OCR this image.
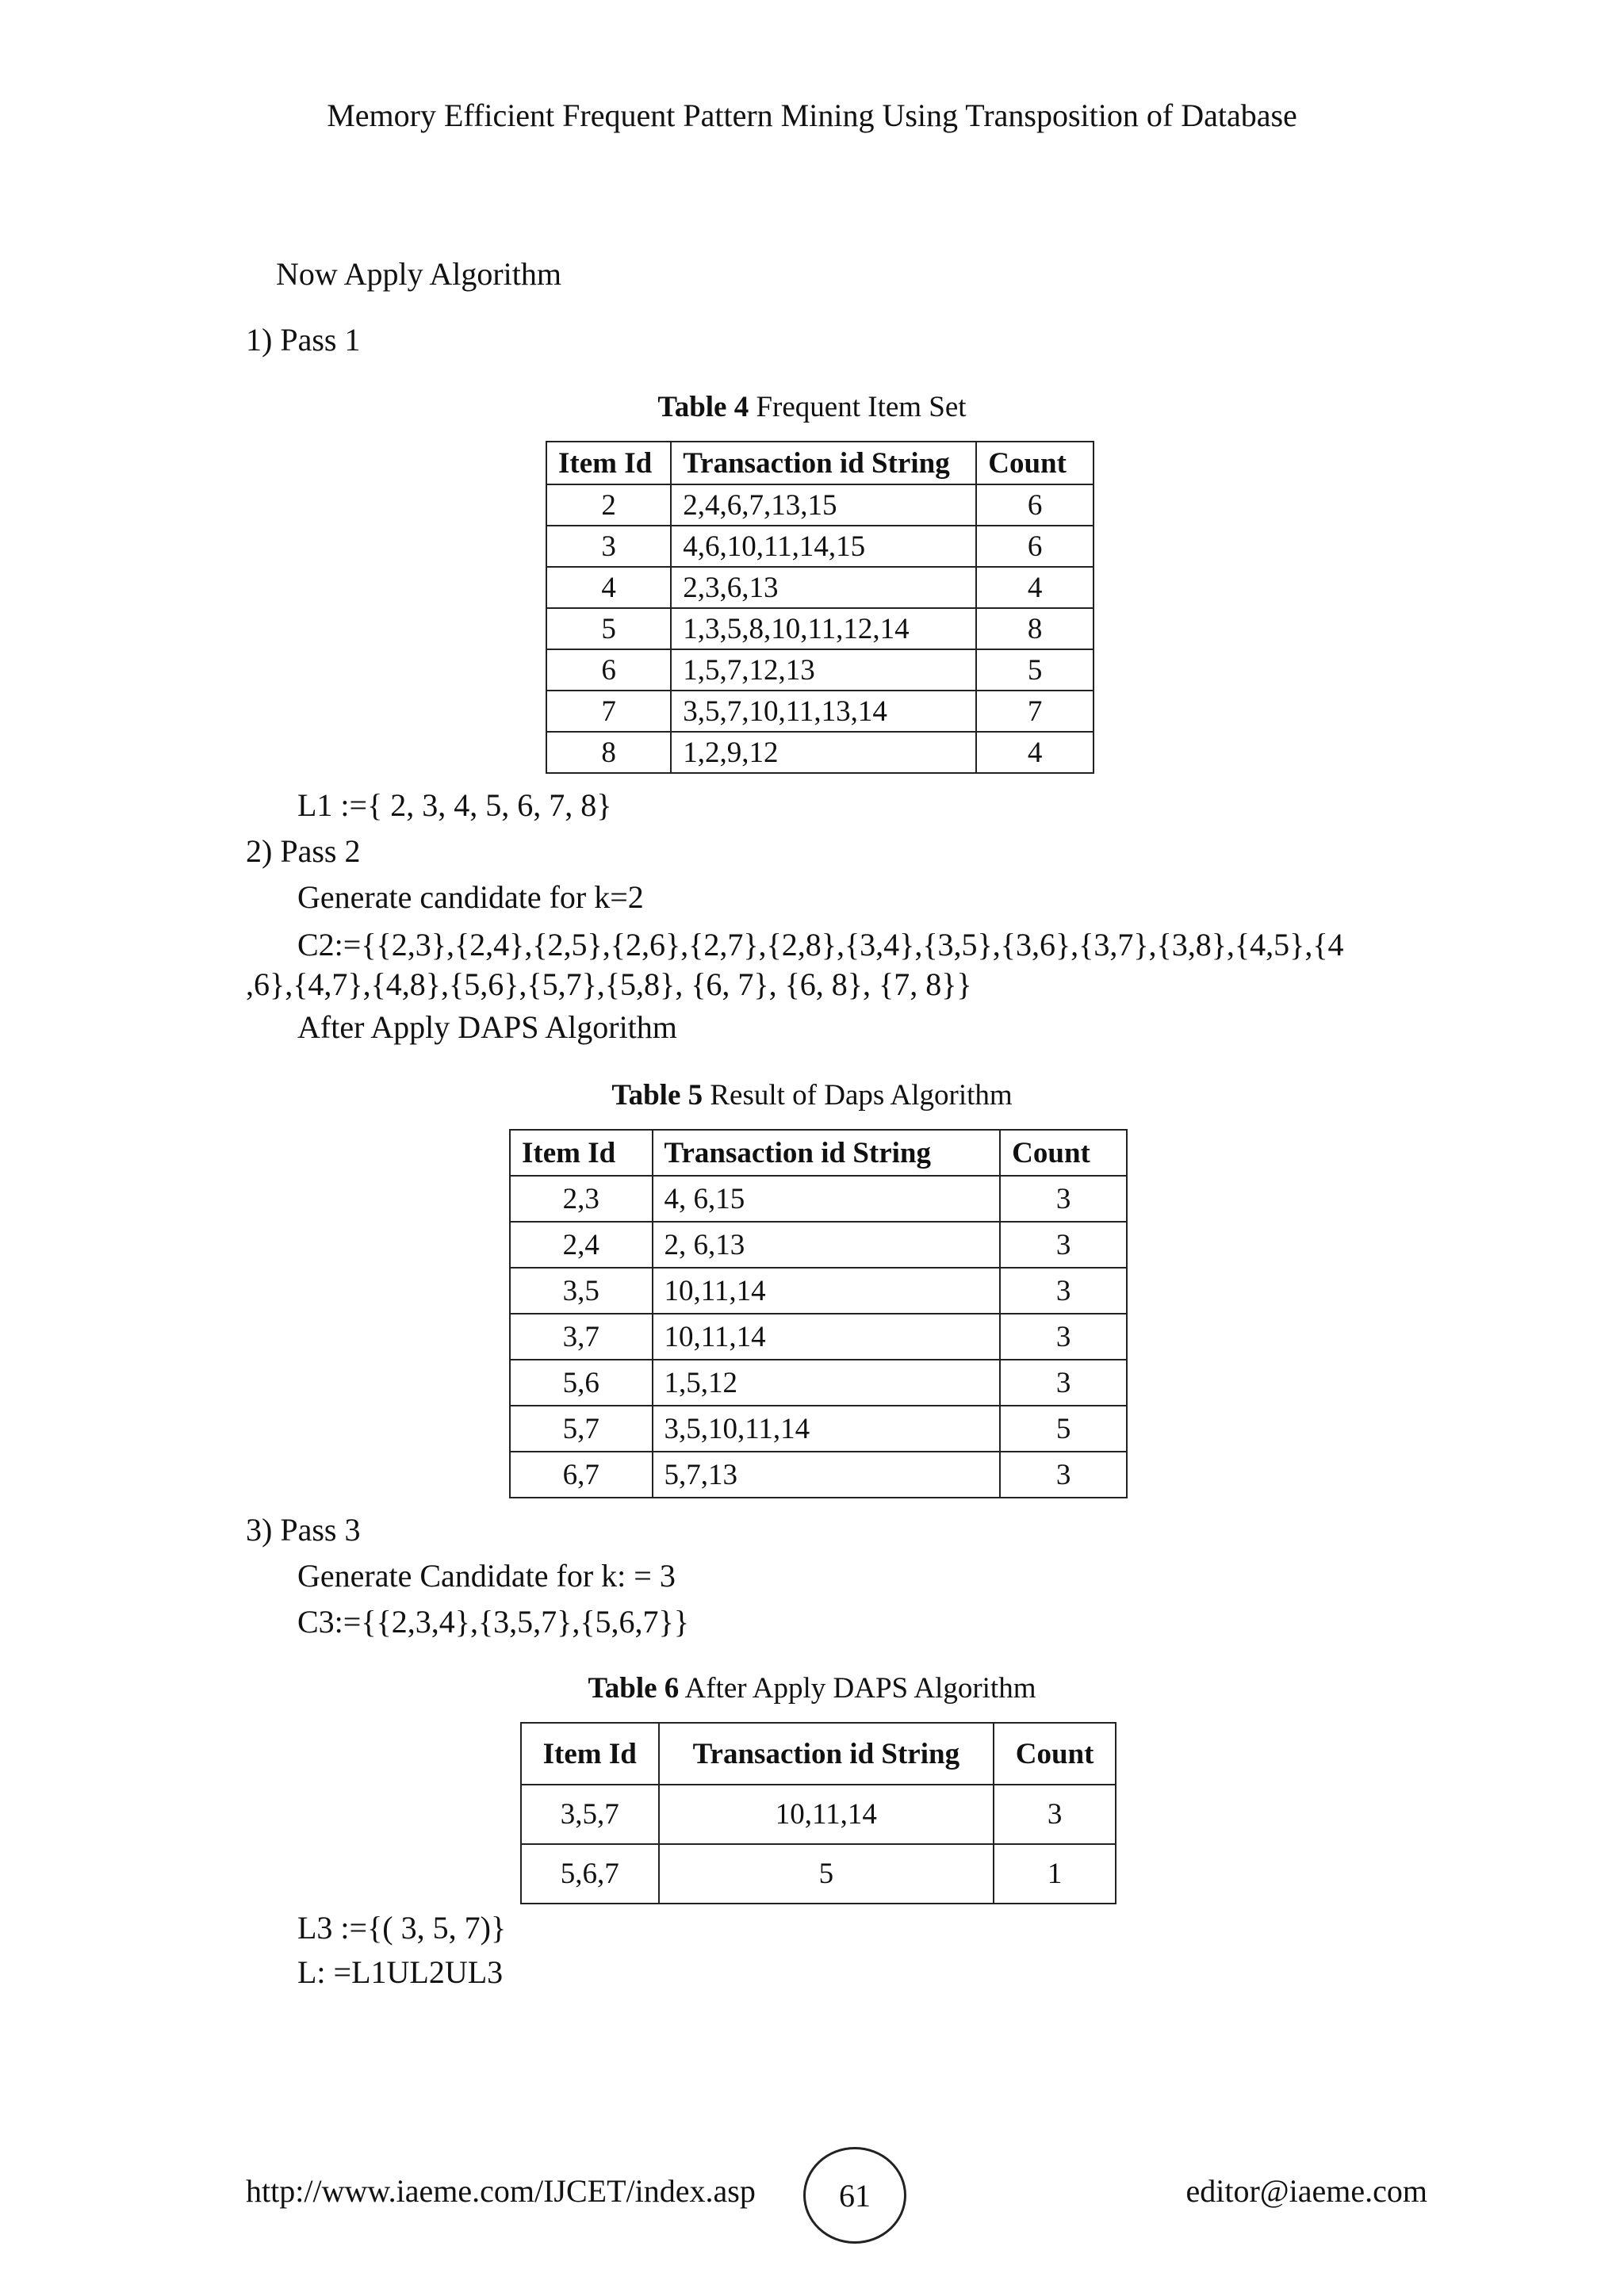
Memory Efficient Frequent Pattern Mining Using Transposition of Database
Now Apply Algorithm
1) Pass 1
Table 4 Frequent Item Set
Item Id	Transaction id String	Count
2	2,4,6,7,13,15	6
3	4,6,10,11,14,15	6
4	2,3,6,13	4
5	1,3,5,8,10,11,12,14	8
6	1,5,7,12,13	5
7	3,5,7,10,11,13,14	7
8	1,2,9,12	4
L1 :={ 2, 3, 4, 5, 6, 7, 8}
2) Pass 2
Generate candidate for k=2
C2:={{2,3},{2,4},{2,5},{2,6},{2,7},{2,8},{3,4},{3,5},{3,6},{3,7},{3,8},{4,5},{4
,6},{4,7},{4,8},{5,6},{5,7},{5,8}, {6, 7}, {6, 8}, {7, 8}}
After Apply DAPS Algorithm
Table 5 Result of Daps Algorithm
Item Id	Transaction id String	Count
2,3	4, 6,15	3
2,4	2, 6,13	3
3,5	10,11,14	3
3,7	10,11,14	3
5,6	1,5,12	3
5,7	3,5,10,11,14	5
6,7	5,7,13	3
3) Pass 3
Generate Candidate for k: = 3
C3:={{2,3,4},{3,5,7},{5,6,7}}
Table 6 After Apply DAPS Algorithm
Item Id	Transaction id String	Count
3,5,7	10,11,14	3
5,6,7	5	1
L3 :={( 3, 5, 7)}
L: =L1UL2UL3
http://www.iaeme.com/IJCET/index.asp	61	editor@iaeme.com
